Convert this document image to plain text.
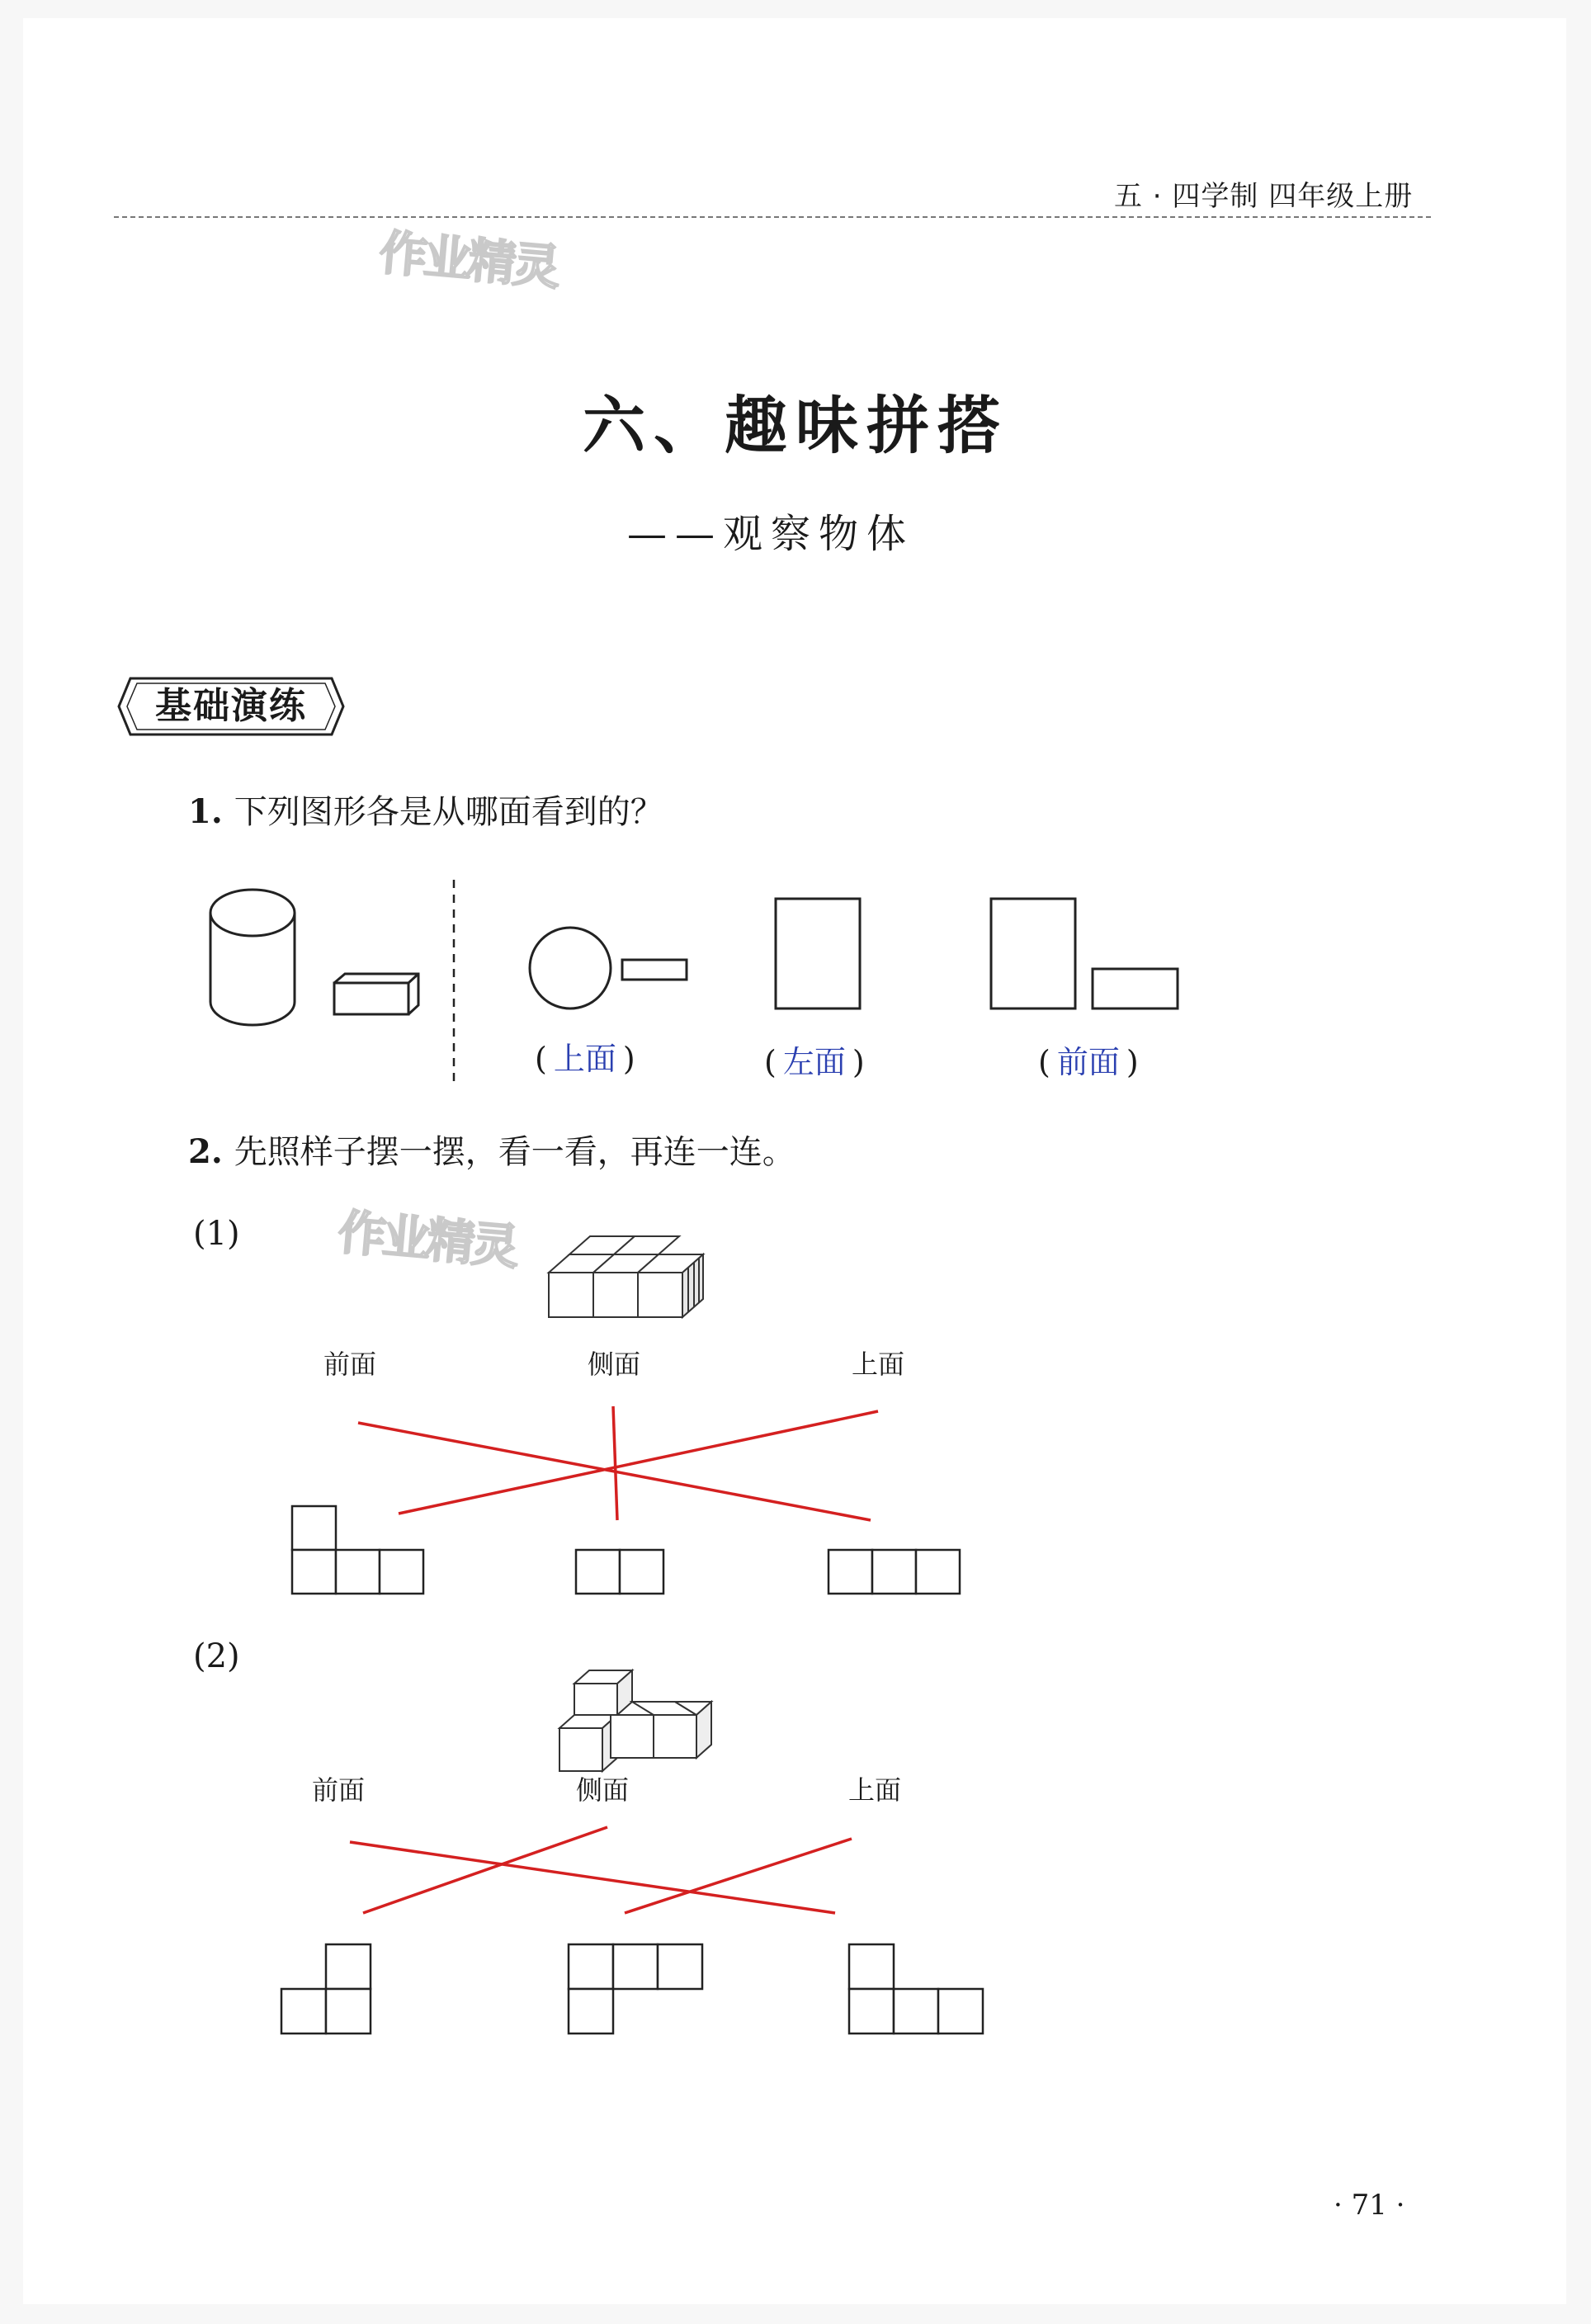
五 · 四学制 四年级上册
作业精灵
作业精灵
六、趣味拼搭
——观察物体
基础演练
1. 下列图形各是从哪面看到的？
( 上面 )	( 左面 )	( 前面 )
2. 先照样子摆一摆，看一看，再连一连。
(1)
(2)
前面	侧面	上面
前面	侧面	上面
· 71 ·
